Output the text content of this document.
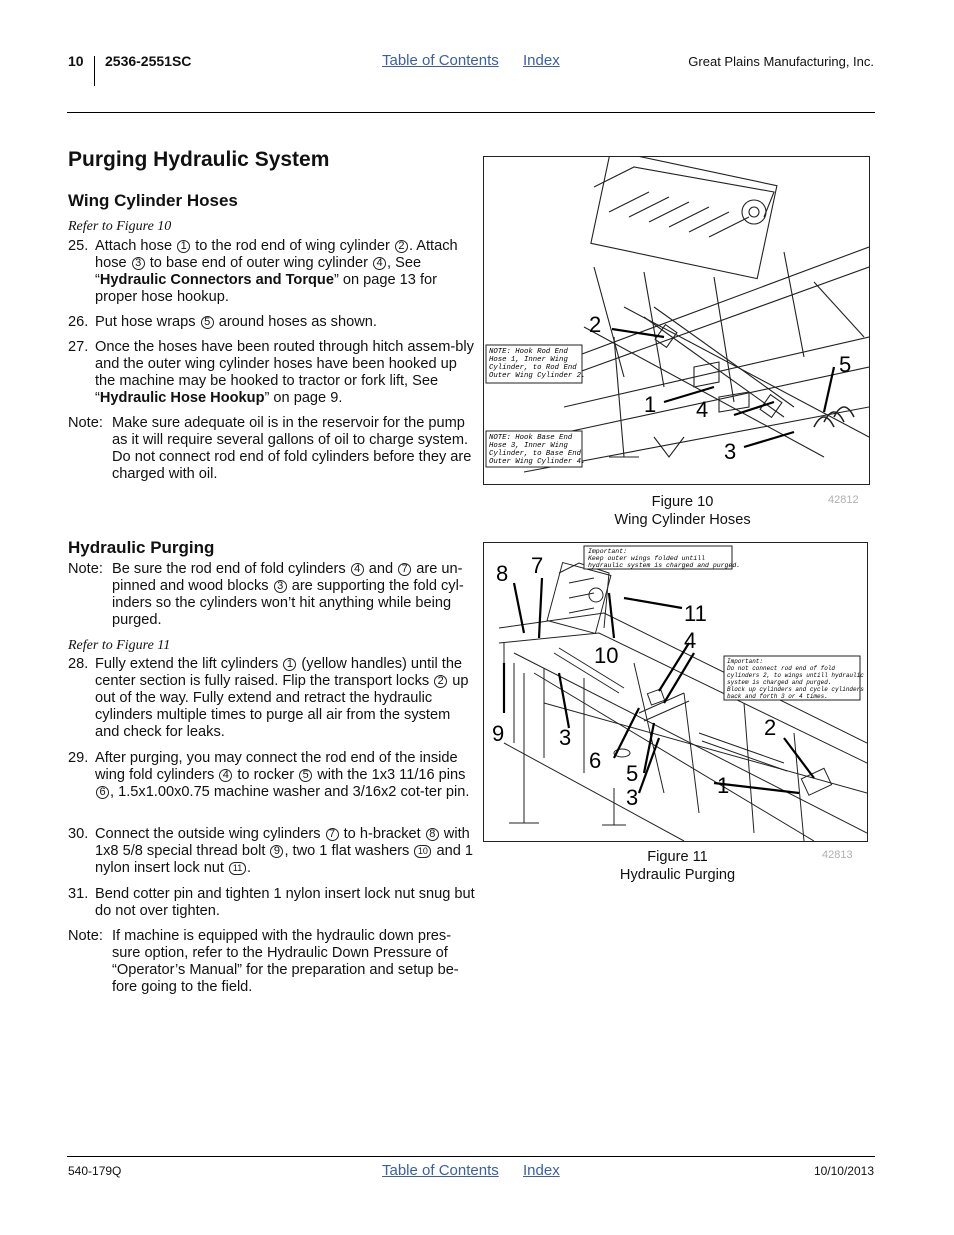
10 2536-2551SC	Table of Contents Index	Great Plains Manufacturing, Inc.
Purging Hydraulic System
Wing Cylinder Hoses
Refer to Figure 10
25. Attach hose 1 to the rod end of wing cylinder 2 . Attach hose 3 to base end of outer wing cylinder 4 , See “Hydraulic Connectors and Torque” on page 13 for proper hose hookup.
26. Put hose wraps 5 around hoses as shown.
27. Once the hoses have been routed through hitch assem-bly and the outer wing cylinder hoses have been hooked up the machine may be hooked to tractor or fork lift, See “Hydraulic Hose Hookup” on page 9.
Note: Make sure adequate oil is in the reservoir for the pump as it will require several gallons of oil to charge system. Do not connect rod end of fold cylinders before they are charged with oil.
2
1 4
3
5
NOTE: Hook Rod End
Hose 1, Inner Wing
Cylinder, to Rod End
Outer Wing Cylinder 2.
NOTE: Hook Base End
Hose 3, Inner Wing
Cylinder, to Base End
Outer Wing Cylinder 4.
Figure 10
Wing Cylinder Hoses
42812
Hydraulic Purging
Note: Be sure the rod end of fold cylinders 4 and 7 are un-pinned and wood blocks 3 are supporting the fold cyl-inders so the cylinders won’t hit anything while being purged.
Refer to Figure 11
28. Fully extend the lift cylinders 1 (yellow handles) until the center section is fully raised. Flip the transport locks 2 up out of the way. Fully extend and retract the hydraulic cylinders multiple times to purge all air from the system and check for leaks.
29. After purging, you may connect the rod end of the inside wing fold cylinders 4 to rocker 5 with the 1x3 11/16 pins 6 , 1.5x1.00x0.75 machine washer and 3/16x2 cot-ter pin.
30. Connect the outside wing cylinders 7 to h-bracket 8 with 1x8 5/8 special thread bolt 9 , two 1 flat washers 10 and 1 nylon insert lock nut 11 .
31. Bend cotter pin and tighten 1 nylon insert lock nut snug but do not over tighten.
Note: If machine is equipped with the hydraulic down pres-sure option, refer to the Hydraulic Down Pressure of “Operator’s Manual” for the preparation and setup be-fore going to the field.
8 7
11
4
10
9 3
6
5
3	1
2
Important:
Keep outer wings folded untill
hydraulic system is charged and purged.
Important:
Do not connect rod end of fold
cylinders 2, to wings untill hydraulic
system is charged and purged.
Block up cylinders and cycle cylinders
back and forth 3 or 4 times.
Figure 11
Hydraulic Purging
42813
540-179Q	Table of Contents Index	10/10/2013
